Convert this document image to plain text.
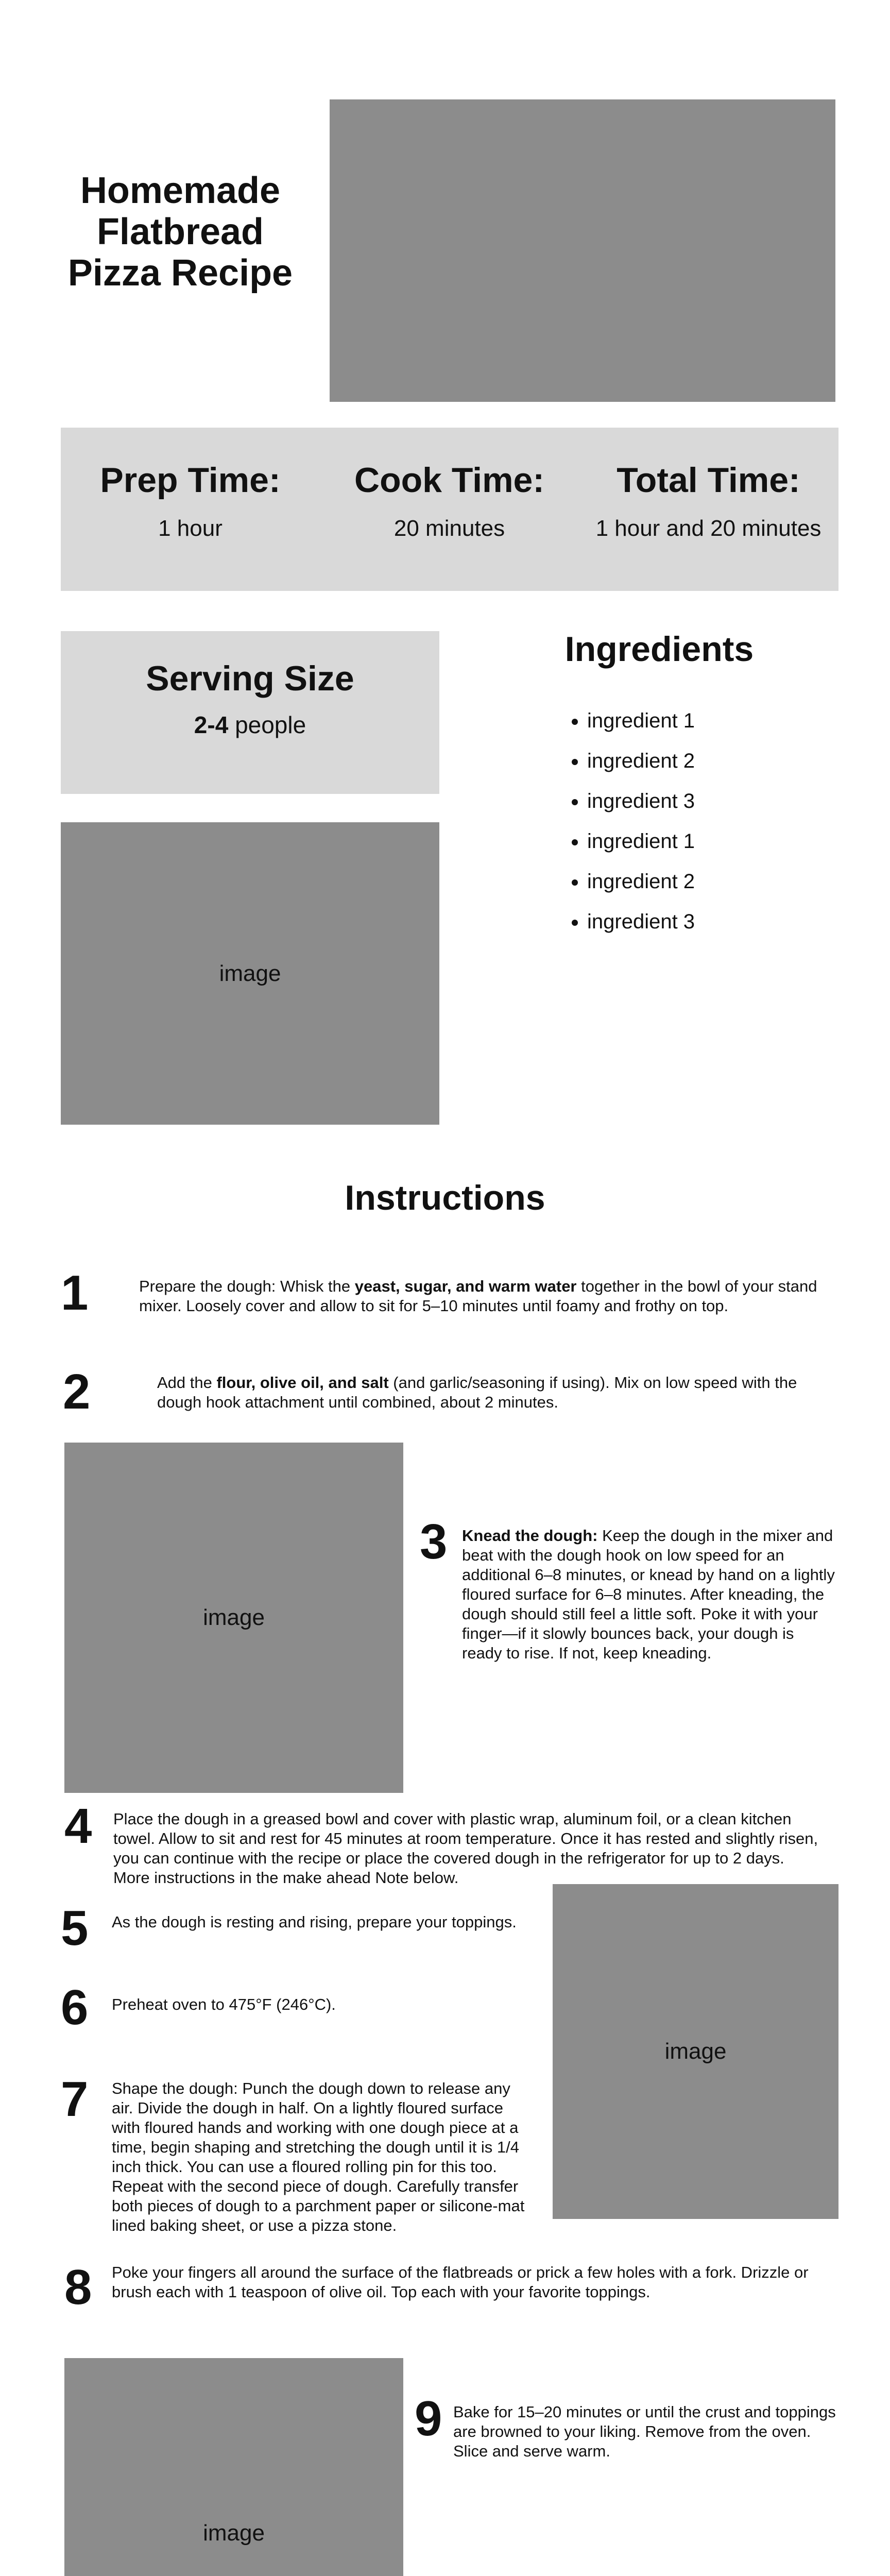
Homemade Flatbread Pizza Recipe
Prep Time:
1 hour
Cook Time:
20 minutes
Total Time:
1 hour and 20 minutes
Serving Size
2-4 people
image
Ingredients
• ingredient 1
• ingredient 2
• ingredient 3
• ingredient 1
• ingredient 2
• ingredient 3
Instructions
1	Prepare the dough: Whisk the yeast, sugar, and warm water together in the bowl of your stand mixer. Loosely cover and allow to sit for 5–10 minutes until foamy and frothy on top.
2	Add the flour, olive oil, and salt (and garlic/seasoning if using). Mix on low speed with the dough hook attachment until combined, about 2 minutes.
image
3 Knead the dough: Keep the dough in the mixer and beat with the dough hook on low speed for an additional 6–8 minutes, or knead by hand on a lightly floured surface for 6–8 minutes. After kneading, the dough should still feel a little soft. Poke it with your finger—if it slowly bounces back, your dough is ready to rise. If not, keep kneading.
4 Place the dough in a greased bowl and cover with plastic wrap, aluminum foil, or a clean kitchen towel. Allow to sit and rest for 45 minutes at room temperature. Once it has rested and slightly risen, you can continue with the recipe or place the covered dough in the refrigerator for up to 2 days. More instructions in the make ahead Note below.
image
5 As the dough is resting and rising, prepare your toppings.
6 Preheat oven to 475°F (246°C).
7 Shape the dough: Punch the dough down to release any air. Divide the dough in half. On a lightly floured surface with floured hands and working with one dough piece at a time, begin shaping and stretching the dough until it is 1/4 inch thick. You can use a floured rolling pin for this too. Repeat with the second piece of dough. Carefully transfer both pieces of dough to a parchment paper or silicone-mat lined baking sheet, or use a pizza stone.
8 Poke your fingers all around the surface of the flatbreads or prick a few holes with a fork. Drizzle or brush each with 1 teaspoon of olive oil. Top each with your favorite toppings.
image
9 Bake for 15–20 minutes or until the crust and toppings are browned to your liking. Remove from the oven. Slice and serve warm.
